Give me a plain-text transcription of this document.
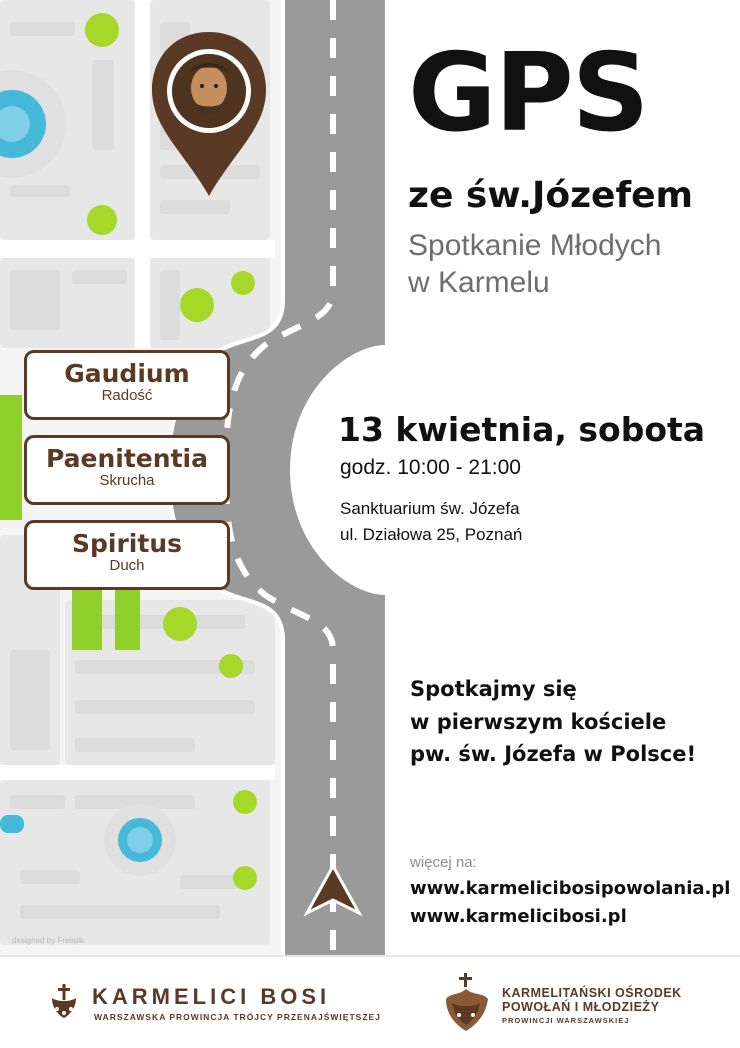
Gaudium
Radość
Paenitentia
Skrucha
Spiritus
Duch
designed by Freepik
GPS
ze św.Józefem
Spotkanie Młodych
w Karmelu
13 kwietnia, sobota
godz. 10:00 - 21:00
Sanktuarium św. Józefa
ul. Działowa 25, Poznań
Spotkajmy się
w pierwszym kościele
pw. św. Józefa w Polsce!
więcej na:
www.karmelicibosipowolania.pl
www.karmelicibosi.pl
KARMELICI BOSI
WARSZAWSKA PROWINCJA TRÓJCY PRZENAJŚWIĘTSZEJ
KARMELITAŃSKI OŚRODEK
POWOŁAŃ I MŁODZIEŻY
PROWINCJI WARSZAWSKIEJ
